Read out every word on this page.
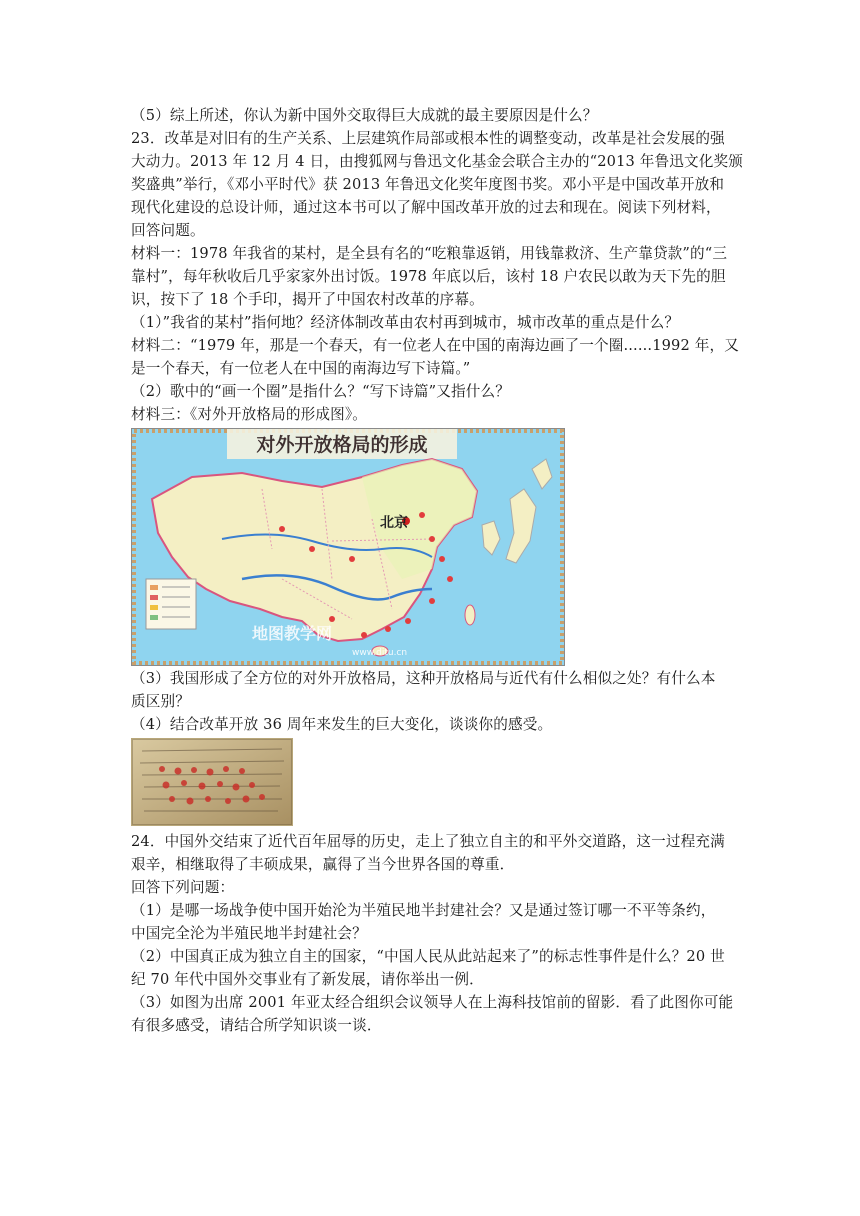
（5）综上所述，你认为新中国外交取得巨大成就的最主要原因是什么？
23．改革是对旧有的生产关系、上层建筑作局部或根本性的调整变动，改革是社会发展的强
大动力。2013 年 12 月 4 日，由搜狐网与鲁迅文化基金会联合主办的“2013 年鲁迅文化奖颁
奖盛典”举行，《邓小平时代》获 2013 年鲁迅文化奖年度图书奖。邓小平是中国改革开放和
现代化建设的总设计师，通过这本书可以了解中国改革开放的过去和现在。阅读下列材料，
回答问题。
材料一：1978 年我省的某村，是全县有名的“吃粮靠返销，用钱靠救济、生产靠贷款”的“三
靠村”，每年秋收后几乎家家外出讨饭。1978 年底以后，该村 18 户农民以敢为天下先的胆
识，按下了 18 个手印，揭开了中国农村改革的序幕。
（1）”我省的某村”指何地？经济体制改革由农村再到城市，城市改革的重点是什么？
材料二：“1979 年，那是一个春天，有一位老人在中国的南海边画了一个圈......1992 年，又
是一个春天，有一位老人在中国的南海边写下诗篇。”
（2）歌中的“画一个圈”是指什么？“写下诗篇”又指什么？
材料三：《对外开放格局的形成图》。
对外开放格局的形成

北京
地图教学网
www.ditu.cn
（3）我国形成了全方位的对外开放格局，这种开放格局与近代有什么相似之处？有什么本
质区别？
（4）结合改革开放 36 周年来发生的巨大变化，谈谈你的感受。
24．中国外交结束了近代百年屈辱的历史，走上了独立自主的和平外交道路，这一过程充满
艰辛，相继取得了丰硕成果，赢得了当今世界各国的尊重．
回答下列问题：
（1）是哪一场战争使中国开始沦为半殖民地半封建社会？又是通过签订哪一不平等条约，
中国完全沦为半殖民地半封建社会？
（2）中国真正成为独立自主的国家，“中国人民从此站起来了”的标志性事件是什么？20 世
纪 70 年代中国外交事业有了新发展，请你举出一例．
（3）如图为出席 2001 年亚太经合组织会议领导人在上海科技馆前的留影．看了此图你可能
有很多感受，请结合所学知识谈一谈．
